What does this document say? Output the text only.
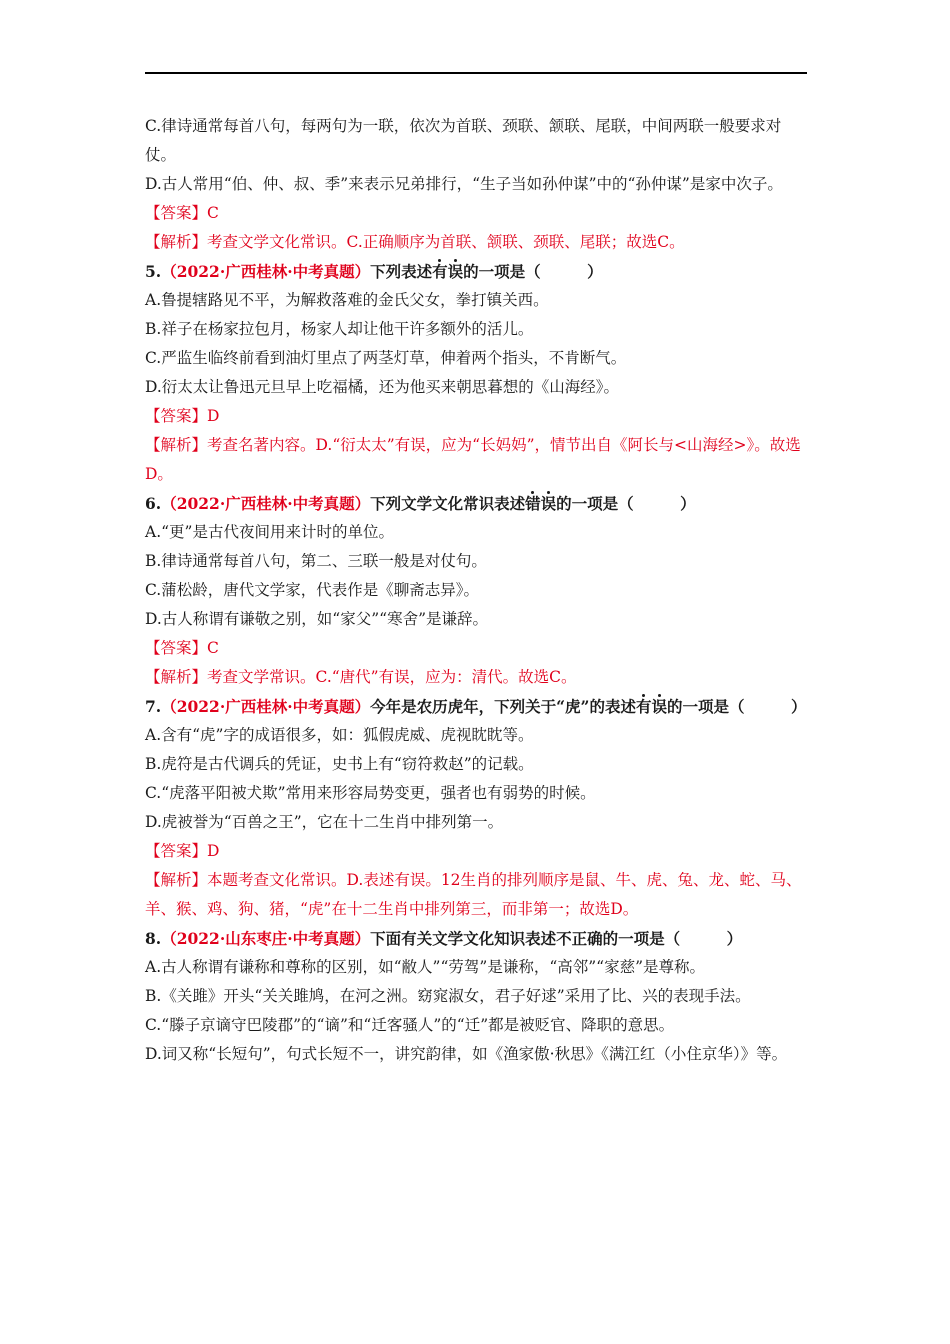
C.律诗通常每首八句，每两句为一联，依次为首联、颈联、颔联、尾联，中间两联一般要求对仗。

D.古人常用“伯、仲、叔、季”来表示兄弟排行，“生子当如孙仲谋”中的“孙仲谋”是家中次子。

【答案】C

【解析】考查文学文化常识。C.正确顺序为首联、颔联、颈联、尾联；故选C。

5.（2022·广西桂林·中考真题）下列表述有误的一项是（　　　）

A.鲁提辖路见不平，为解救落难的金氏父女，拳打镇关西。

B.祥子在杨家拉包月，杨家人却让他干许多额外的活儿。

C.严监生临终前看到油灯里点了两茎灯草，伸着两个指头，不肯断气。

D.衍太太让鲁迅元旦早上吃福橘，还为他买来朝思暮想的《山海经》。

【答案】D

【解析】考查名著内容。D.“衍太太”有误，应为“长妈妈”，情节出自《阿长与<山海经>》。故选D。

6.（2022·广西桂林·中考真题）下列文学文化常识表述错误的一项是（　　　）

A.“更”是古代夜间用来计时的单位。

B.律诗通常每首八句，第二、三联一般是对仗句。

C.蒲松龄，唐代文学家，代表作是《聊斋志异》。

D.古人称谓有谦敬之别，如“家父”“寒舍”是谦辞。

【答案】C

【解析】考查文学常识。C.“唐代”有误，应为：清代。故选C。

7.（2022·广西桂林·中考真题）今年是农历虎年，下列关于“虎”的表述有误的一项是（　　　）

A.含有“虎”字的成语很多，如：狐假虎威、虎视眈眈等。

B.虎符是古代调兵的凭证，史书上有“窃符救赵”的记载。

C.“虎落平阳被犬欺”常用来形容局势变更，强者也有弱势的时候。

D.虎被誉为“百兽之王”，它在十二生肖中排列第一。

【答案】D

【解析】本题考查文化常识。D.表述有误。12生肖的排列顺序是鼠、牛、虎、兔、龙、蛇、马、羊、猴、鸡、狗、猪，“虎”在十二生肖中排列第三，而非第一；故选D。

8.（2022·山东枣庄·中考真题）下面有关文学文化知识表述不正确的一项是（　　　）

A.古人称谓有谦称和尊称的区别，如“敝人”“劳驾”是谦称，“高邻”“家慈”是尊称。

B.《关雎》开头“关关雎鸠，在河之洲。窈窕淑女，君子好逑”采用了比、兴的表现手法。

C.“滕子京谪守巴陵郡”的“谪”和“迁客骚人”的“迁”都是被贬官、降职的意思。

D.词又称“长短句”，句式长短不一，讲究韵律，如《渔家傲·秋思》《满江红（小住京华）》等。
